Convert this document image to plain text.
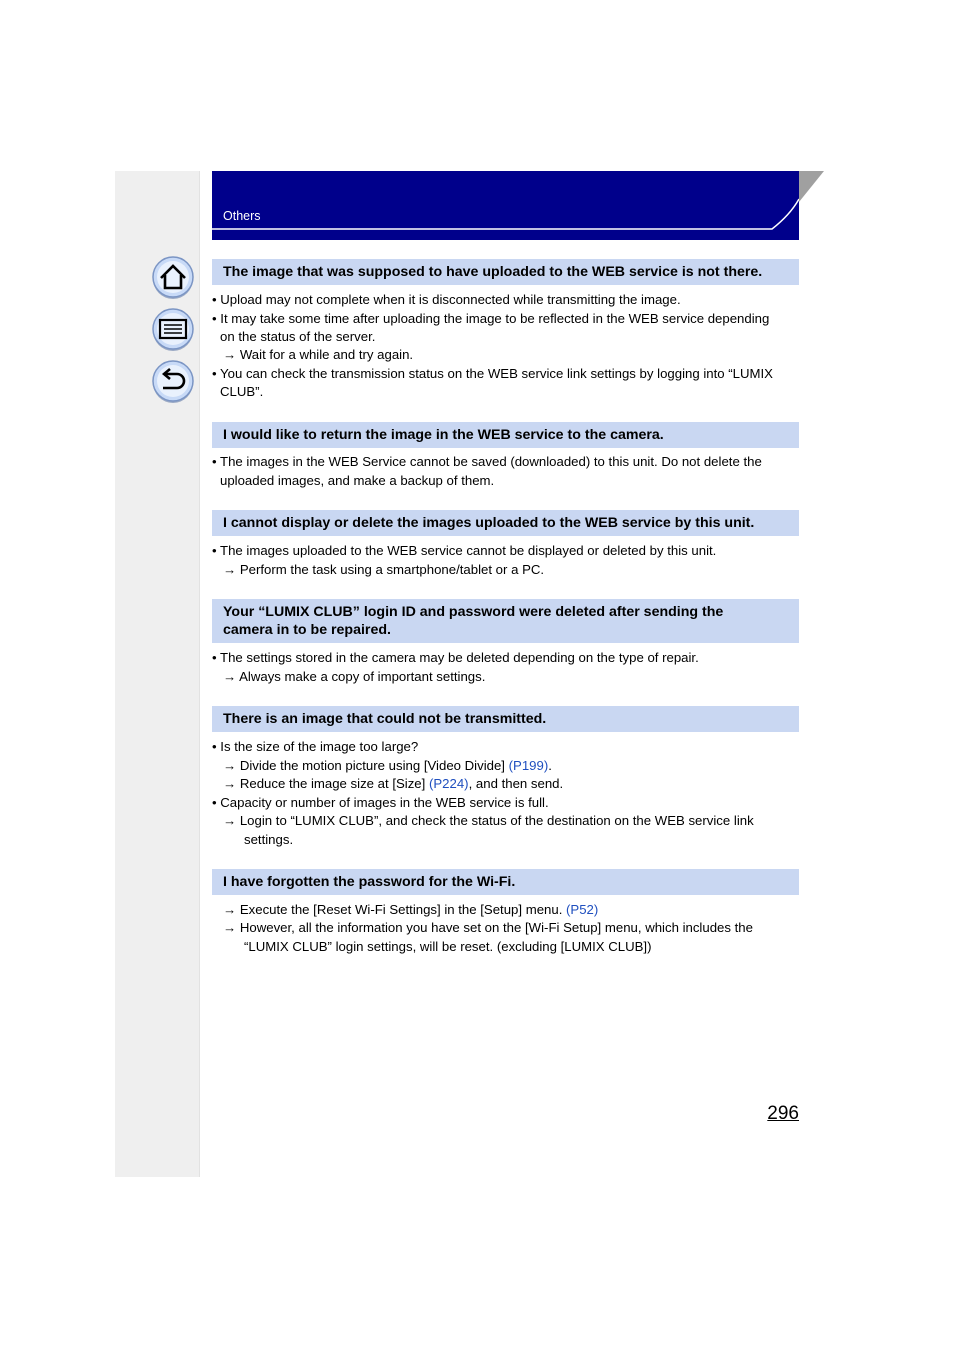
Others
The image that was supposed to have uploaded to the WEB service is not there.
• Upload may not complete when it is disconnected while transmitting the image.
• It may take some time after uploading the image to be reflected in the WEB service depending
on the status of the server.
→ Wait for a while and try again.
• You can check the transmission status on the WEB service link settings by logging into “LUMIX
CLUB”.
I would like to return the image in the WEB service to the camera.
• The images in the WEB Service cannot be saved (downloaded) to this unit. Do not delete the
uploaded images, and make a backup of them.
I cannot display or delete the images uploaded to the WEB service by this unit.
• The images uploaded to the WEB service cannot be displayed or deleted by this unit.
→ Perform the task using a smartphone/tablet or a PC.
Your “LUMIX CLUB” login ID and password were deleted after sending the
camera in to be repaired.
• The settings stored in the camera may be deleted depending on the type of repair.
→ Always make a copy of important settings.
There is an image that could not be transmitted.
• Is the size of the image too large?
→ Divide the motion picture using [Video Divide] (P199).
→ Reduce the image size at [Size] (P224), and then send.
• Capacity or number of images in the WEB service is full.
→ Login to “LUMIX CLUB”, and check the status of the destination on the WEB service link
settings.
I have forgotten the password for the Wi-Fi.
→ Execute the [Reset Wi-Fi Settings] in the [Setup] menu. (P52)
→ However, all the information you have set on the [Wi-Fi Setup] menu, which includes the
“LUMIX CLUB” login settings, will be reset. (excluding [LUMIX CLUB])
296
